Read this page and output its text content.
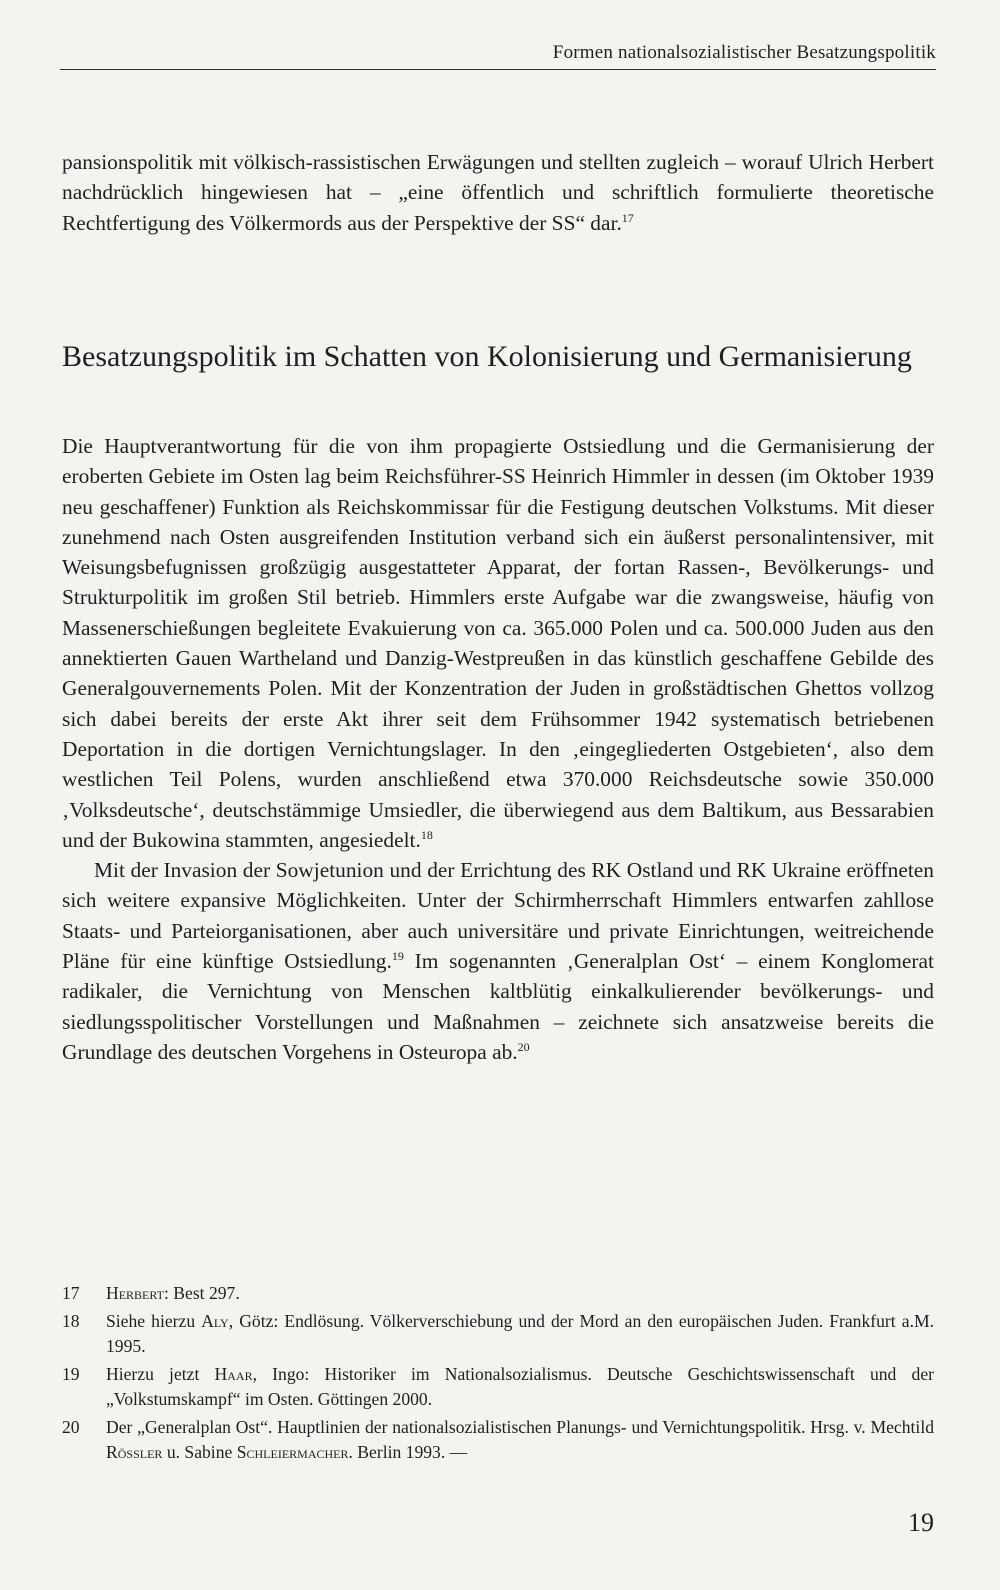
Formen nationalsozialistischer Besatzungspolitik

pansionspolitik mit völkisch-rassistischen Erwägungen und stellten zugleich – worauf Ulrich Herbert nachdrücklich hingewiesen hat – „eine öffentlich und schriftlich formulierte theoretische Rechtfertigung des Völkermords aus der Perspektive der SS“ dar.$^{17}$

Besatzungspolitik im Schatten von Kolonisierung und Germanisierung

Die Hauptverantwortung für die von ihm propagierte Ostsiedlung und die Germanisierung der eroberten Gebiete im Osten lag beim Reichsführer-SS Heinrich Himmler in dessen (im Oktober 1939 neu geschaffener) Funktion als Reichskommissar für die Festigung deutschen Volkstums. Mit dieser zunehmend nach Osten ausgreifenden Institution verband sich ein äußerst personalintensiver, mit Weisungsbefugnissen großzügig ausgestatteter Apparat, der fortan Rassen-, Bevölkerungs- und Strukturpolitik im großen Stil betrieb. Himmlers erste Aufgabe war die zwangsweise, häufig von Massenerschießungen begleitete Evakuierung von ca. 365.000 Polen und ca. 500.000 Juden aus den annektierten Gauen Wartheland und Danzig-Westpreußen in das künstlich geschaffene Gebilde des Generalgouvernements Polen. Mit der Konzentration der Juden in großstädtischen Ghettos vollzog sich dabei bereits der erste Akt ihrer seit dem Frühsommer 1942 systematisch betriebenen Deportation in die dortigen Vernichtungslager. In den ‚eingegliederten Ostgebieten‘, also dem westlichen Teil Polens, wurden anschließend etwa 370.000 Reichsdeutsche sowie 350.000 ‚Volksdeutsche‘, deutschstämmige Umsiedler, die überwiegend aus dem Baltikum, aus Bessarabien und der Bukowina stammten, angesiedelt.$^{18}$

Mit der Invasion der Sowjetunion und der Errichtung des RK Ostland und RK Ukraine eröffneten sich weitere expansive Möglichkeiten. Unter der Schirmherrschaft Himmlers entwarfen zahllose Staats- und Parteiorganisationen, aber auch universitäre und private Einrichtungen, weitreichende Pläne für eine künftige Ostsiedlung.$^{19}$ Im sogenannten ‚Generalplan Ost‘ – einem Konglomerat radikaler, die Vernichtung von Menschen kaltblütig einkalkulierender bevölkerungs- und siedlungsspolitischer Vorstellungen und Maßnahmen – zeichnete sich ansatzweise bereits die Grundlage des deutschen Vorgehens in Osteuropa ab.$^{20}$

17	Herbert: Best 297.
18	Siehe hierzu Aly, Götz: Endlösung. Völkerverschiebung und der Mord an den europäischen Juden. Frankfurt a.M. 1995.
19	Hierzu jetzt Haar, Ingo: Historiker im Nationalsozialismus. Deutsche Geschichtswissenschaft und der „Volkstumskampf“ im Osten. Göttingen 2000.
20	Der „Generalplan Ost“. Hauptlinien der nationalsozialistischen Planungs- und Vernichtungspolitik. Hrsg. v. Mechtild Rössler u. Sabine Schleiermacher. Berlin 1993. —
19
